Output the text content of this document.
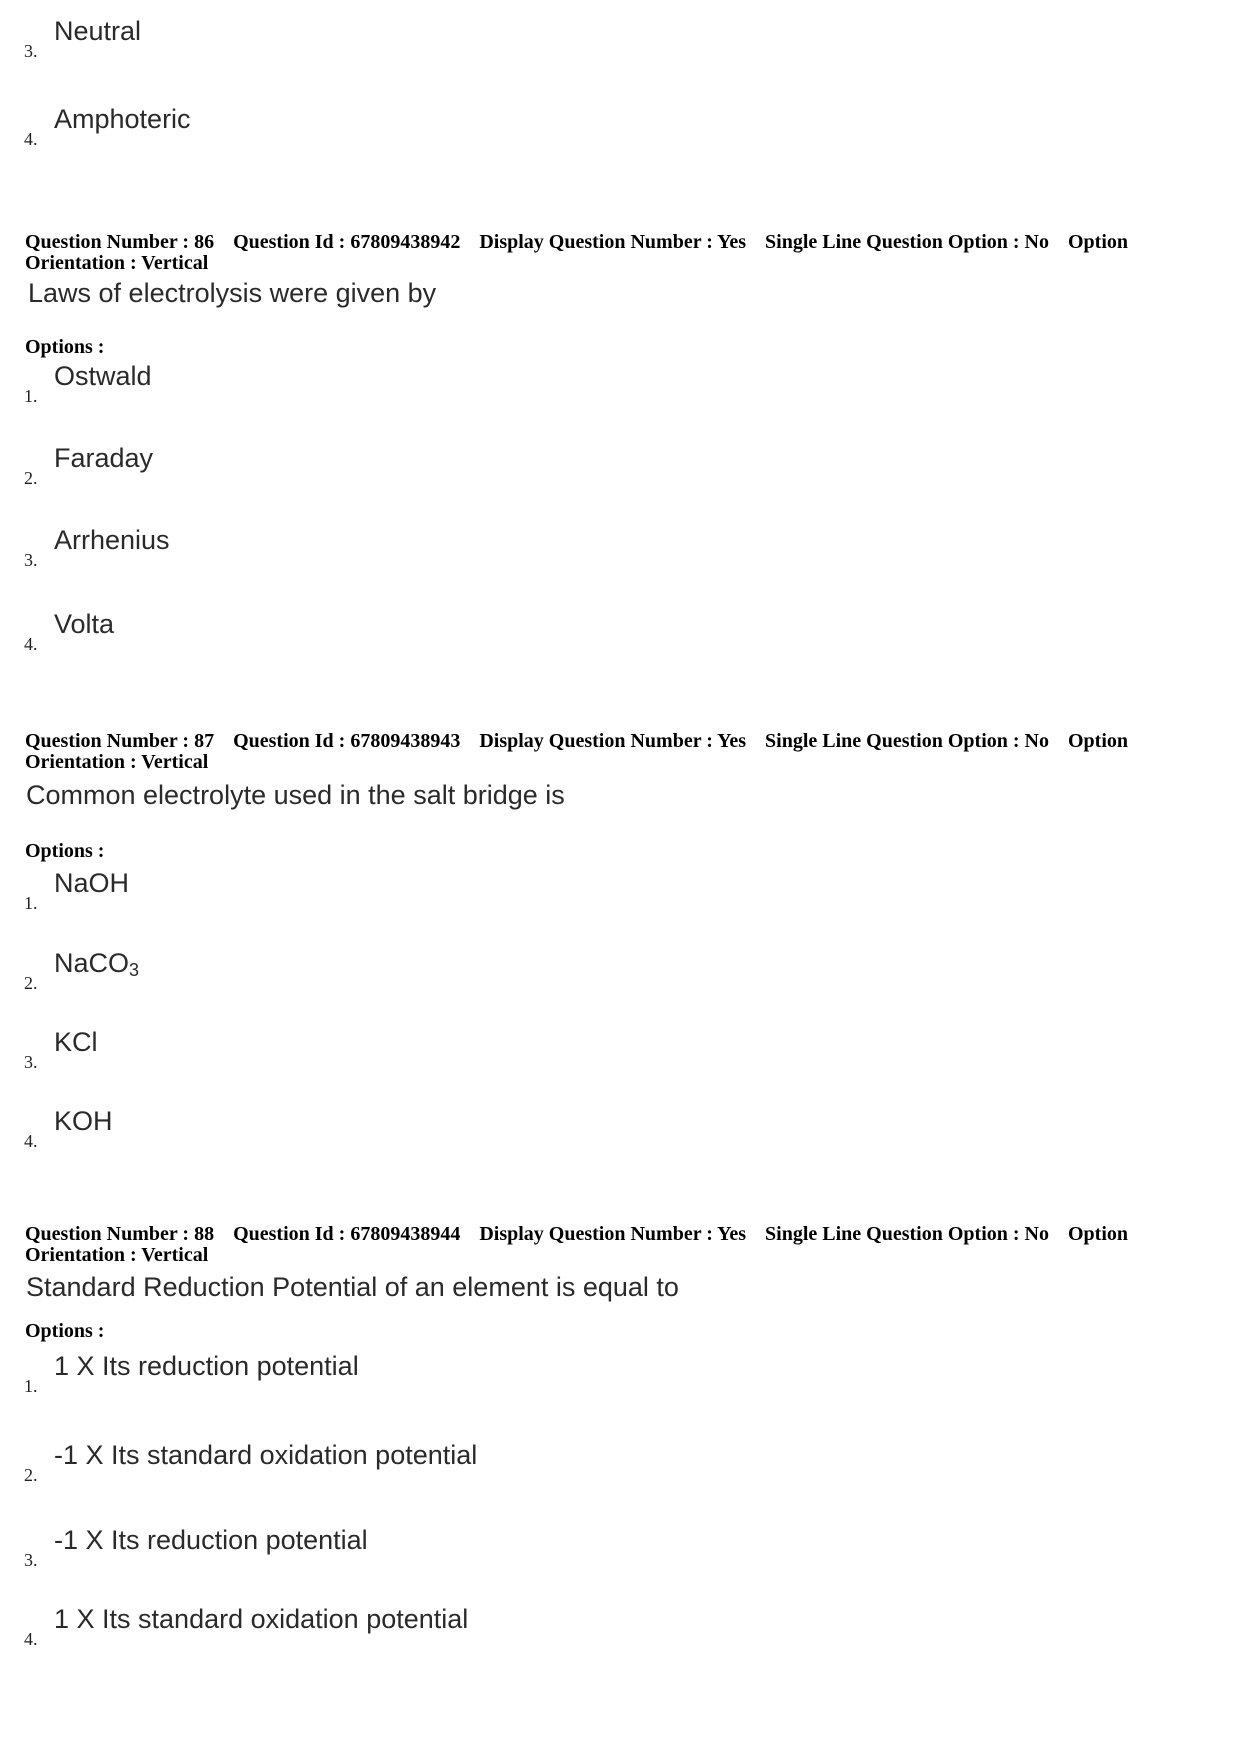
3.
Neutral
4.
Amphoteric
Question Number : 86 Question Id : 67809438942 Display Question Number : Yes Single Line Question Option : No Option
Orientation : Vertical
Laws of electrolysis were given by
Options :
1.
Ostwald
2.
Faraday
3.
Arrhenius
4.
Volta
Question Number : 87 Question Id : 67809438943 Display Question Number : Yes Single Line Question Option : No Option
Orientation : Vertical
Common electrolyte used in the salt bridge is
Options :
1.
NaOH
2.
NaCO$_3$
3.
KCl
4.
KOH
Question Number : 88 Question Id : 67809438944 Display Question Number : Yes Single Line Question Option : No Option
Orientation : Vertical
Standard Reduction Potential of an element is equal to
Options :
1.
1 X Its reduction potential
2.
-1 X Its standard oxidation potential
3.
-1 X Its reduction potential
4.
1 X Its standard oxidation potential
